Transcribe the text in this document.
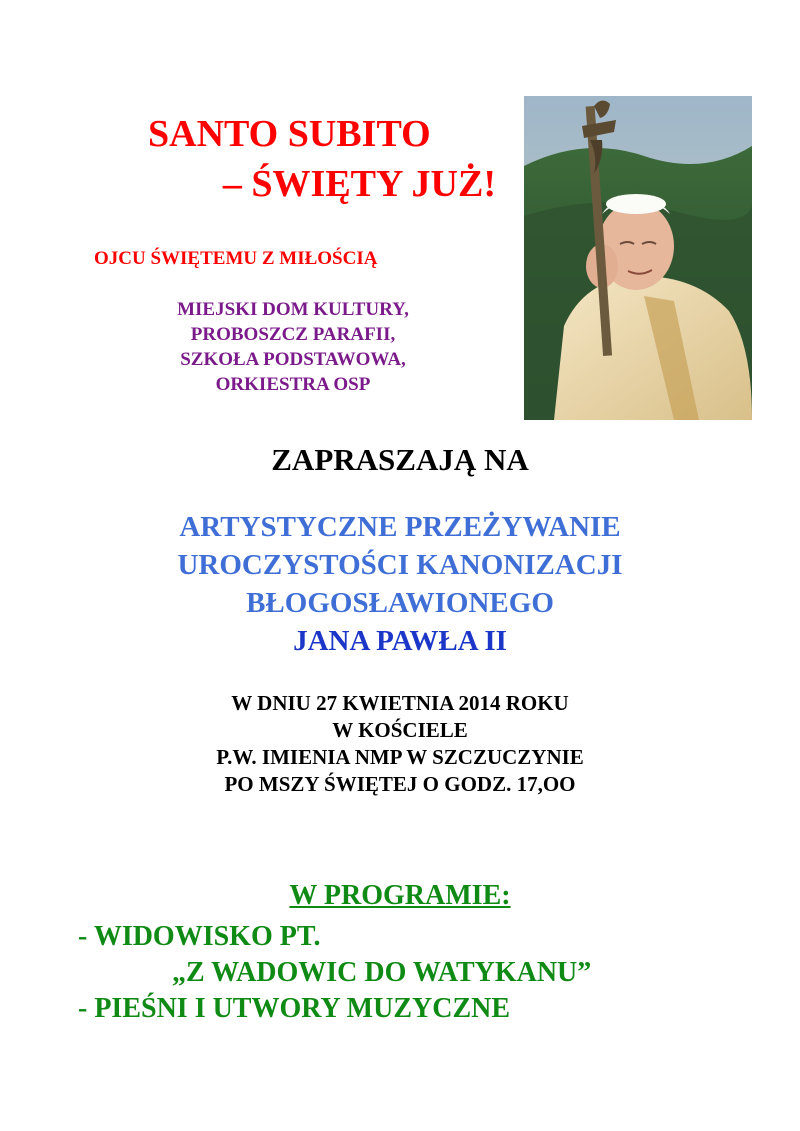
SANTO SUBITO
– ŚWIĘTY JUŻ!
OJCU ŚWIĘTEMU Z MIŁOŚCIĄ
MIEJSKI DOM KULTURY,
PROBOSZCZ PARAFII,
SZKOŁA PODSTAWOWA,
ORKIESTRA OSP
ZAPRASZAJĄ NA
ARTYSTYCZNE PRZEŻYWANIE
UROCZYSTOŚCI KANONIZACJI
BŁOGOSŁAWIONEGO
JANA PAWŁA II
W DNIU 27 KWIETNIA 2014 ROKU
W KOŚCIELE
P.W. IMIENIA NMP W SZCZUCZYNIE
PO MSZY ŚWIĘTEJ O GODZ. 17,OO
W PROGRAMIE:
- WIDOWISKO PT.
„Z WADOWIC DO WATYKANU”
- PIEŚNI I UTWORY MUZYCZNE
